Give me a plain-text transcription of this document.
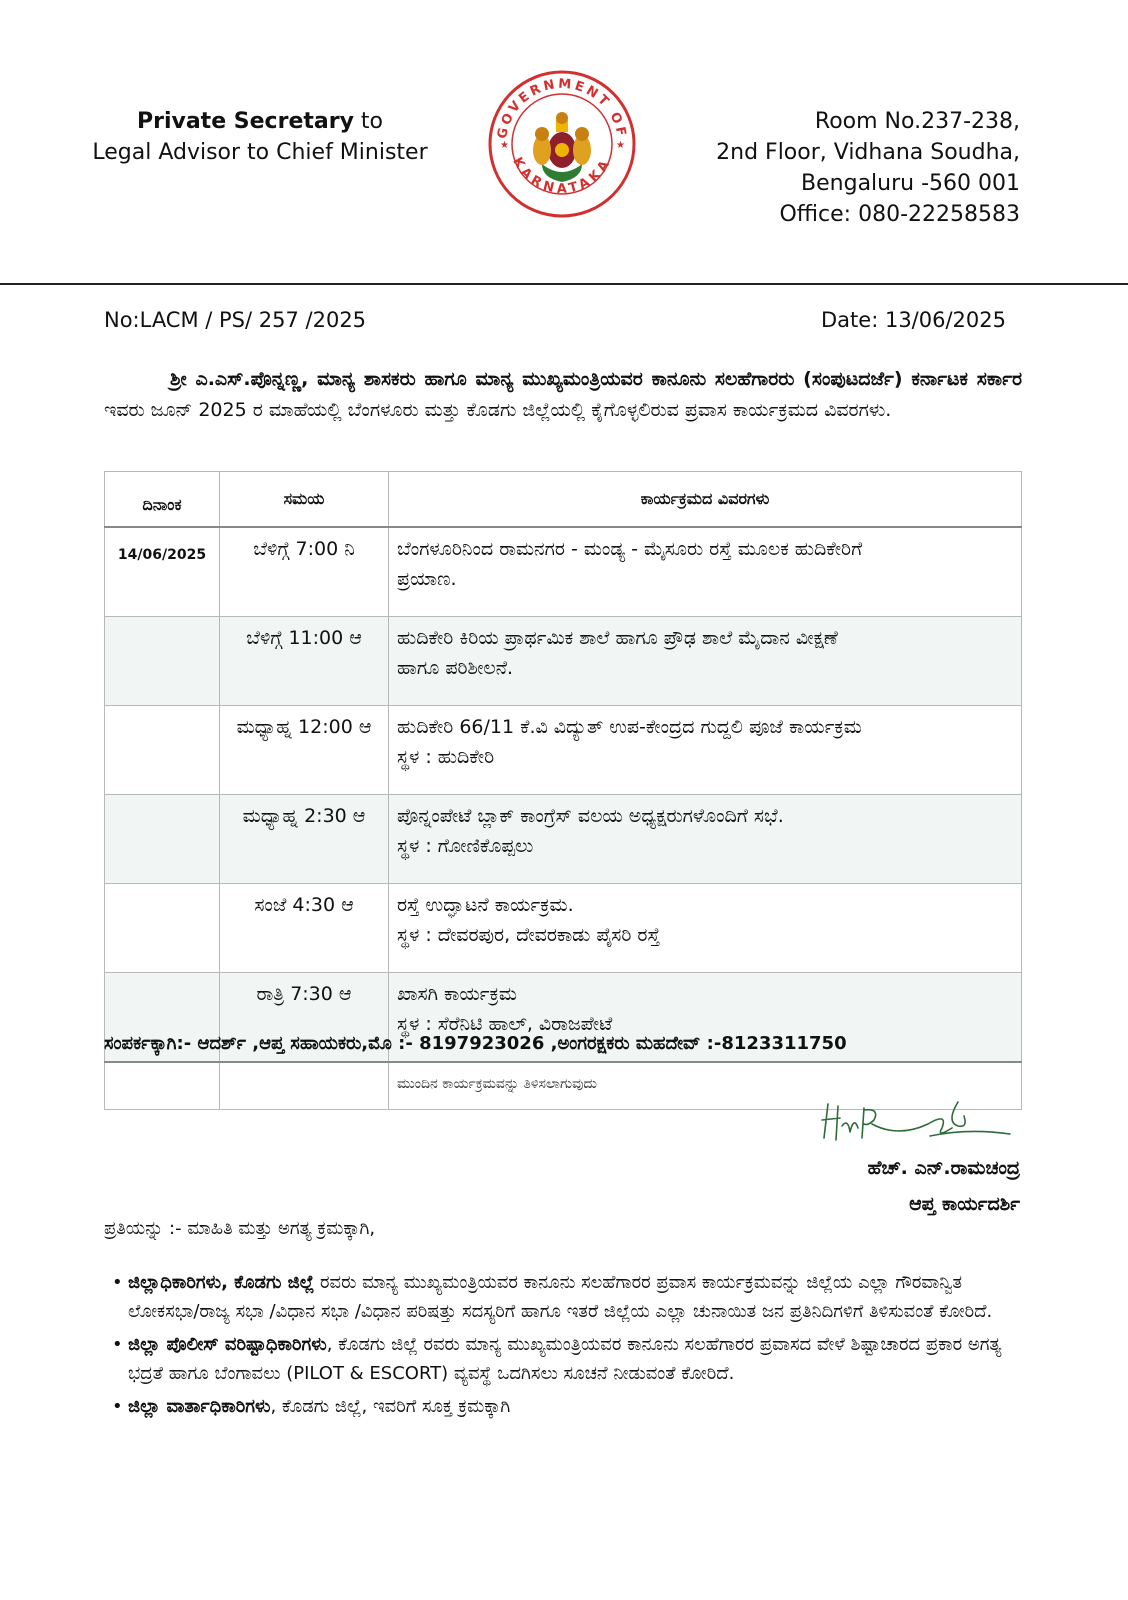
Private Secretary to
Legal Advisor to Chief Minister
GOVERNMENT OF
KARNATAKA
★	★
Room No.237-238,
2nd Floor, Vidhana Soudha,
Bengaluru -560 001
Office: 080-22258583
No:LACM / PS/ 257 /2025	Date: 13/06/2025
ಶ್ರೀ ಎ.ಎಸ್.ಪೊನ್ನಣ್ಣ, ಮಾನ್ಯ ಶಾಸಕರು ಹಾಗೂ ಮಾನ್ಯ ಮುಖ್ಯಮಂತ್ರಿಯವರ ಕಾನೂನು ಸಲಹೆಗಾರರು (ಸಂಪುಟದರ್ಜೆ) ಕರ್ನಾಟಕ ಸರ್ಕಾರ ಇವರು ಜೂನ್ 2025 ರ ಮಾಹೆಯಲ್ಲಿ ಬೆಂಗಳೂರು ಮತ್ತು ಕೊಡಗು ಜಿಲ್ಲೆಯಲ್ಲಿ ಕೈಗೊಳ್ಳಲಿರುವ ಪ್ರವಾಸ ಕಾರ್ಯಕ್ರಮದ ವಿವರಗಳು.
ದಿನಾಂಕ	ಸಮಯ	ಕಾರ್ಯಕ್ರಮದ ವಿವರಗಳು
14/06/2025	ಬೆಳಿಗ್ಗೆ 7:00 ನಿ	ಬೆಂಗಳೂರಿನಿಂದ ರಾಮನಗರ - ಮಂಡ್ಯ - ಮೈಸೂರು ರಸ್ತೆ ಮೂಲಕ ಹುದಿಕೇರಿಗೆ
ಪ್ರಯಾಣ.

	ಬೆಳಿಗ್ಗೆ 11:00 ಆ	ಹುದಿಕೇರಿ ಕಿರಿಯ ಪ್ರಾರ್ಥಮಿಕ ಶಾಲೆ ಹಾಗೂ ಪ್ರೌಢ ಶಾಲೆ ಮೈದಾನ ವೀಕ್ಷಣೆ
ಹಾಗೂ ಪರಿಶೀಲನೆ.

	ಮಧ್ಯಾಹ್ನ 12:00 ಆ	ಹುದಿಕೇರಿ 66/11 ಕೆ.ವಿ ವಿದ್ಯುತ್ ಉಪ-ಕೇಂದ್ರದ ಗುದ್ದಲಿ ಪೂಜೆ ಕಾರ್ಯಕ್ರಮ
ಸ್ಥಳ : ಹುದಿಕೇರಿ

	ಮಧ್ಯಾಹ್ನ 2:30 ಆ	ಪೊನ್ನಂಪೇಟೆ ಬ್ಲಾಕ್ ಕಾಂಗ್ರೆಸ್ ವಲಯ ಅಧ್ಯಕ್ಷರುಗಳೊಂದಿಗೆ ಸಭೆ.
ಸ್ಥಳ : ಗೋಣಿಕೊಪ್ಪಲು

	ಸಂಜೆ 4:30 ಆ	ರಸ್ತೆ ಉದ್ಘಾಟನೆ ಕಾರ್ಯಕ್ರಮ.
ಸ್ಥಳ : ದೇವರಪುರ, ದೇವರಕಾಡು ಪೈಸರಿ ರಸ್ತೆ

	ರಾತ್ರಿ 7:30 ಆ	ಖಾಸಗಿ ಕಾರ್ಯಕ್ರಮ
ಸ್ಥಳ : ಸೆರೆನಿಟಿ ಹಾಲ್, ವಿರಾಜಪೇಟೆ

		ಮುಂದಿನ ಕಾರ್ಯಕ್ರಮವನ್ನು ತಿಳಿಸಲಾಗುವುದು
ಸಂಪರ್ಕಕ್ಕಾಗಿ:- ಆದರ್ಶ್ ,ಆಪ್ತ ಸಹಾಯಕರು,ಮೊ :- 8197923026 ,ಅಂಗರಕ್ಷಕರು ಮಹದೇವ್ :-8123311750
ಹೆಚ್. ಎನ್.ರಾಮಚಂದ್ರ
ಆಪ್ತ ಕಾರ್ಯದರ್ಶಿ
ಪ್ರತಿಯನ್ನು :- ಮಾಹಿತಿ ಮತ್ತು ಅಗತ್ಯ ಕ್ರಮಕ್ಕಾಗಿ,
• ಜಿಲ್ಲಾಧಿಕಾರಿಗಳು, ಕೊಡಗು ಜಿಲ್ಲೆ ರವರು ಮಾನ್ಯ ಮುಖ್ಯಮಂತ್ರಿಯವರ ಕಾನೂನು ಸಲಹೆಗಾರರ ಪ್ರವಾಸ ಕಾರ್ಯಕ್ರಮವನ್ನು ಜಿಲ್ಲೆಯ ಎಲ್ಲಾ ಗೌರವಾನ್ವಿತ ಲೋಕಸಭಾ/ರಾಜ್ಯ ಸಭಾ /ವಿಧಾನ ಸಭಾ /ವಿಧಾನ ಪರಿಷತ್ತು ಸದಸ್ಯರಿಗೆ ಹಾಗೂ ಇತರೆ ಜಿಲ್ಲೆಯ ಎಲ್ಲಾ ಚುನಾಯಿತ ಜನ ಪ್ರತಿನಿದಿಗಳಿಗೆ ತಿಳಿಸುವಂತೆ ಕೋರಿದೆ.
• ಜಿಲ್ಲಾ ಪೊಲೀಸ್ ವರಿಷ್ಟಾಧಿಕಾರಿಗಳು, ಕೊಡಗು ಜಿಲ್ಲೆ ರವರು ಮಾನ್ಯ ಮುಖ್ಯಮಂತ್ರಿಯವರ ಕಾನೂನು ಸಲಹೆಗಾರರ ಪ್ರವಾಸದ ವೇಳೆ ಶಿಷ್ಟಾಚಾರದ ಪ್ರಕಾರ ಅಗತ್ಯ ಭದ್ರತೆ ಹಾಗೂ ಬೆಂಗಾವಲು (PILOT & ESCORT) ವ್ಯವಸ್ಥೆ ಒದಗಿಸಲು ಸೂಚನೆ ನೀಡುವಂತೆ ಕೋರಿದೆ.
• ಜಿಲ್ಲಾ ವಾರ್ತಾಧಿಕಾರಿಗಳು, ಕೊಡಗು ಜಿಲ್ಲೆ, ಇವರಿಗೆ ಸೂಕ್ತ ಕ್ರಮಕ್ಕಾಗಿ
